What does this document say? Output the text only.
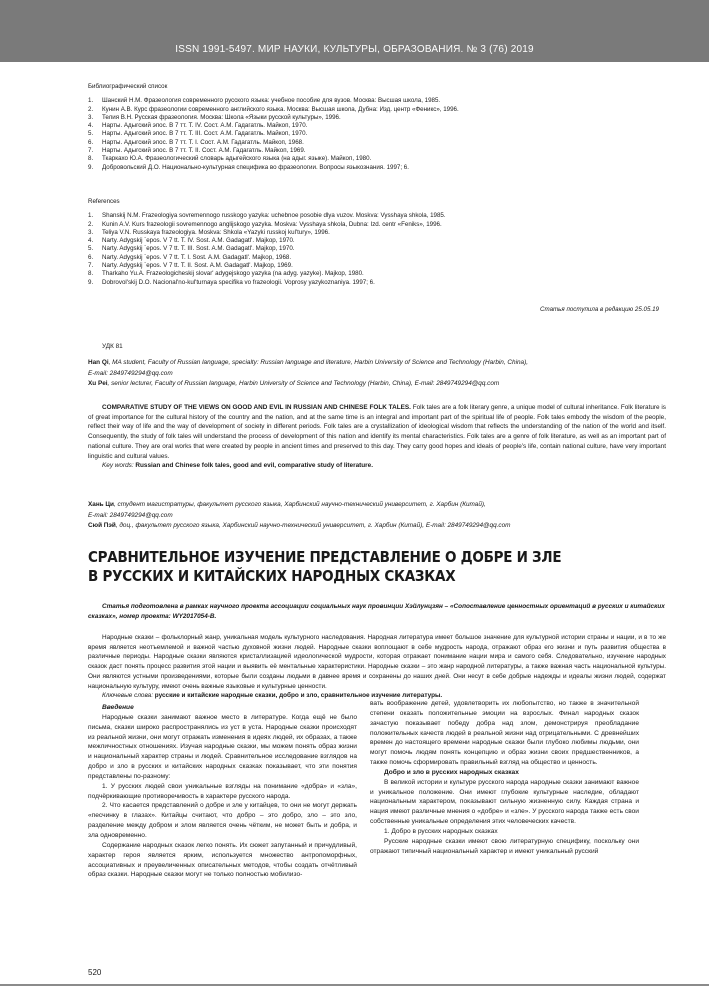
ISSN 1991-5497. МИР НАУКИ, КУЛЬТУРЫ, ОБРАЗОВАНИЯ. № 3 (76) 2019
Библиографический список
1.	Шанский Н.М. Фразеология современного русского языка: учебное пособие для вузов. Москва: Высшая школа, 1985.
2.	Кунин А.В. Курс фразеологии современного английского языка. Москва: Высшая школа, Дубна: Изд. центр «Феникс», 1996.
3.	Телия В.Н. Русская фразеология. Москва: Школа «Языки русской культуры», 1996.
4.	Нарты. Адыгский эпос. В 7 тт. Т. IV. Сост. А.М. Гадагатль. Майкоп, 1970.
5.	Нарты. Адыгский эпос. В 7 тт. Т. III. Сост. А.М. Гадагатль. Майкоп, 1970.
6.	Нарты. Адыгский эпос. В 7 тт. Т. I. Сост. А.М. Гадагатль. Майкоп, 1968.
7.	Нарты. Адыгский эпос. В 7 тт. Т. II. Сост. А.М. Гадагатль. Майкоп, 1969.
8.	Ткаркахо Ю.А. Фразеологический словарь адыгейского языка (на адыг. языке). Майкоп, 1980.
9.	Добровольский Д.О. Национально-культурная специфика во фразеологии. Вопросы языкознания. 1997; 6.
References
1.	Shanskij N.M. Frazeologiya sovremennogo russkogo yazyka: uchebnoe posobie dlya vuzov. Moskva: Vysshaya shkola, 1985.
2.	Kunin A.V. Kurs frazeologii sovremennogo anglijskogo yazyka. Moskva: Vysshaya shkola, Dubna: Izd. centr «Feniks», 1996.
3.	Teliya V.N. Russkaya frazeologiya. Moskva: Shkola «Yazyki russkoj kul'tury», 1996.
4.	Narty. Adygskij `epos. V 7 tt. T. IV. Sost. A.M. Gadagatl'. Majkop, 1970.
5.	Narty. Adygskij `epos. V 7 tt. T. III. Sost. A.M. Gadagatl'. Majkop, 1970.
6.	Narty. Adygskij `epos. V 7 tt. T. I. Sost. A.M. Gadagatl'. Majkop, 1968.
7.	Narty. Adygskij `epos. V 7 tt. T. II. Sost. A.M. Gadagatl'. Majkop, 1969.
8.	Tharkaho Yu.A. Frazeologicheskij slovar' adygejskogo yazyka (na adyg. yazyke). Majkop, 1980.
9.	Dobrovol'skij D.O. Nacional'no-kul'turnaya specifika vo frazeologii. Voprosy yazykoznaniya. 1997; 6.
Статья поступила в редакцию 25.05.19
УДК 81
Han Qi, MA student, Faculty of Russian language, specialty: Russian language and literature, Harbin University of Science and Technology (Harbin, China),
E-mail: 2849749294@qq.com
Xu Pei, senior lecturer, Faculty of Russian language, Harbin University of Science and Technology (Harbin, China), E-mail: 2849749294@qq.com
COMPARATIVE STUDY OF THE VIEWS ON GOOD AND EVIL IN RUSSIAN AND CHINESE FOLK TALES. Folk tales are a folk literary genre, a unique model of cultural inheritance. Folk literature is of great importance for the cultural history of the country and the nation, and at the same time is an integral and important part of the spiritual life of people. Folk tales embody the wisdom of the people, reflect their way of life and the way of development of society in different periods. Folk tales are a crystallization of ideological wisdom that reflects the understanding of the nation of the world and itself. Consequently, the study of folk tales will understand the process of development of this nation and identify its mental characteristics. Folk tales are a genre of folk literature, as well as an important part of national culture. They are oral works that were created by people in ancient times and preserved to this day. They carry good hopes and ideals of people’s life, contain national culture, have very important linguistic and cultural values.
Key words: Russian and Chinese folk tales, good and evil, comparative study of literature.
Хань Ци, студент магистратуры, факультет русского языка, Харбинский научно-технический университет, г. Харбин (Китай),
E-mail: 2849749294@qq.com
Сюй Пэй, доц., факультет русского языка, Харбинский научно-технический университет, г. Харбин (Китай), E-mail: 2849749294@qq.com
СРАВНИТЕЛЬНОЕ ИЗУЧЕНИЕ ПРЕДСТАВЛЕНИЕ О ДОБРЕ И ЗЛЕ
В РУССКИХ И КИТАЙСКИХ НАРОДНЫХ СКАЗКАХ
Статья подготовлена в рамках научного проекта ассоциации социальных наук провинции Хэйлунцзян – «Сопоставление ценностных ориентаций в русских и китайских сказках», номер проекта: WY2017054-B.
Народные сказки – фольклорный жанр, уникальная модель культурного наследования. Народная литература имеет большое значение для культурной истории страны и нации, и в то же время является неотъемлемой и важной частью духовной жизни людей. Народные сказки воплощают в себе мудрость народа, отражают образ его жизни и путь развития общества в различные периоды. Народные сказки являются кристаллизацией идеологической мудрости, которая отражает понимание нации мира и самого себя. Следовательно, изучение народных сказок даст понять процесс развития этой нации и выявить её ментальные характеристики. Народные сказки – это жанр народной литературы, а также важная часть национальной культуры. Они являются устными произведениями, которые были созданы людьми в давнее время и сохранены до наших дней. Они несут в себе добрые надежды и идеалы жизни людей, содержат национальную культуру, имеют очень важные языковые и культурные ценности.
Ключевые слова: русские и китайские народные сказки, добро и зло, сравнительное изучение литературы.

Введение

Народные сказки занимают важное место в литературе. Когда ещё не было письма, сказки широко распространялись из уст в уста. Народные сказки происходят из реальной жизни, они могут отражать изменения в идеях людей, их образах, а также межличностных отношениях. Изучая народные сказки, мы можем понять образ жизни и национальный характер страны и людей. Сравнительное исследование взглядов на добро и зло в русских и китайских народных сказках показывает, что эти понятия представлены по-разному:

1. У русских людей свои уникальные взгляды на понимание «добра» и «зла», подчёркивающие противоречивость в характере русского народа.

2. Что касается представлений о добре и зле у китайцев, то они не могут держать «песчинку в глазах». Китайцы считают, что добро – это добро, зло – это зло, разделение между добром и злом является очень чётким, не может быть и добра, и зла одновременно.

Содержание народных сказок легко понять. Их сюжет запутанный и причудливый, характер героя является ярким, используется множество антропоморфных, ассоциативных и преувеличенных описательных методов, чтобы создать отчётливый образ сказки. Народные сказки могут не только полностью мобилизо-

вать воображение детей, удовлетворить их любопытство, но также в значительной степени оказать положительные эмоции на взрослых. Финал народных сказок зачастую показывает победу добра над злом, демонстрируя преобладание положительных качеств людей в реальной жизни над отрицательными. С древнейших времен до настоящего времени народные сказки были глубоко любимы людьми, они могут помочь людям понять концепцию и образ жизни своих предшественников, а также помочь сформировать правильный взгляд на общество и ценность.

Добро и зло в русских народных сказках

В великой истории и культуре русского народа народные сказки занимают важное и уникальное положение. Они имеют глубокие культурные наследие, обладают национальным характером, показывают сильную жизненную силу. Каждая страна и нация имеют различные мнения о «добре» и «зле». У русского народа также есть свои собственные уникальные определения этих человеческих качеств.

1. Добро в русских народных сказках

Русские народные сказки имеют свою литературную специфику, поскольку они отражают типичный национальный характер и имеют уникальный русский

520
